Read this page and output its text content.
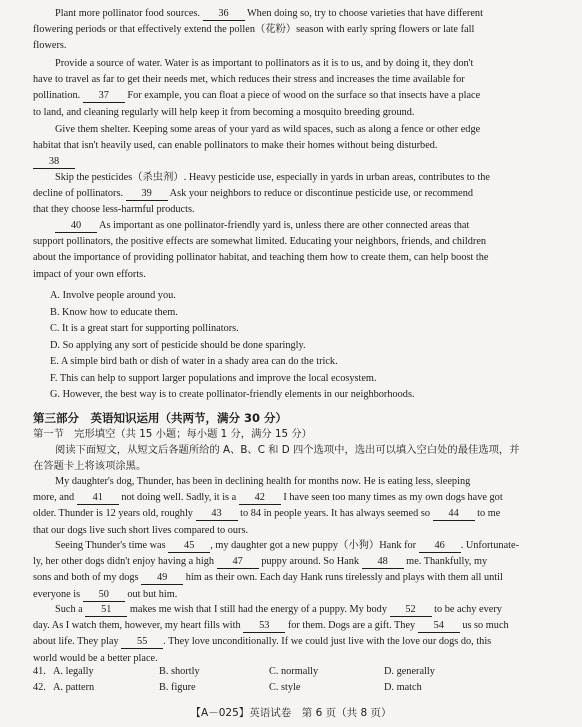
Plant more pollinator food sources. 36 When doing so, try to choose varieties that have different
flowering periods or that effectively extend the pollen（花粉）season with early spring flowers or late fall
flowers.
Provide a source of water. Water is as important to pollinators as it is to us, and by doing it, they don't
have to travel as far to get their needs met, which reduces their stress and increases the time available for
pollination. 37 For example, you can float a piece of wood on the surface so that insects have a place
to land, and cleaning regularly will help keep it from becoming a mosquito breeding ground.
Give them shelter. Keeping some areas of your yard as wild spaces, such as along a fence or other edge
habitat that isn't heavily used, can enable pollinators to make their homes without being disturbed.
38
Skip the pesticides（杀虫剂）. Heavy pesticide use, especially in yards in urban areas, contributes to the
decline of pollinators. 39 Ask your neighbors to reduce or discontinue pesticide use, or recommend
that they choose less-harmful products.
40 As important as one pollinator-friendly yard is, unless there are other connected areas that
support pollinators, the positive effects are somewhat limited. Educating your neighbors, friends, and children
about the importance of providing pollinator habitat, and teaching them how to create them, can help boost the
impact of your own efforts.
A. Involve people around you.
B. Know how to educate them.
C. It is a great start for supporting pollinators.
D. So applying any sort of pesticide should be done sparingly.
E. A simple bird bath or dish of water in a shady area can do the trick.
F. This can help to support larger populations and improve the local ecosystem.
G. However, the best way is to create pollinator-friendly elements in our neighborhoods.
第三部分　英语知识运用（共两节，满分 30 分）
第一节　完形填空（共 15 小题；每小题 1 分，满分 15 分）
阅读下面短文，从短文后各题所给的 A、B、C 和 D 四个选项中，选出可以填入空白处的最佳选项，并
在答题卡上将该项涂黑。
My daughter's dog, Thunder, has been in declining health for months now. He is eating less, sleeping
more, and 41 not doing well. Sadly, it is a 42 I have seen too many times as my own dogs have got
older. Thunder is 12 years old, roughly 43 to 84 in people years. It has always seemed so 44 to me
that our dogs live such short lives compared to ours.
Seeing Thunder's time was 45 , my daughter got a new puppy（小狗）Hank for 46 . Unfortunate-
ly, her other dogs didn't enjoy having a high 47 puppy around. So Hank 48 me. Thankfully, my
sons and both of my dogs 49 him as their own. Each day Hank runs tirelessly and plays with them all until
everyone is 50 out but him.
Such a 51 makes me wish that I still had the energy of a puppy. My body 52 to be achy every
day. As I watch them, however, my heart fills with 53 for them. Dogs are a gift. They 54 us so much
about life. They play 55 . They love unconditionally. If we could just live with the love our dogs do, this
world would be a better place.
41. A. legally	B. shortly	C. normally	D. generally
42. A. pattern	B. figure	C. style	D. match
【A－025】英语试卷　第 6 页（共 8 页）
